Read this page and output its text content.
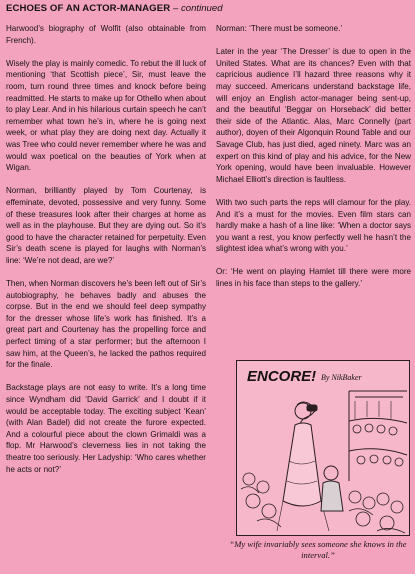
ECHOES OF AN ACTOR-MANAGER – continued

Harwood’s biography of Wolfit (also obtainable from French).

Wisely the play is mainly comedic. To rebut the ill luck of mentioning ‘that Scottish piece’, Sir, must leave the room, turn round three times and knock before being readmitted. He starts to make up for Othello when about to play Lear. And in his hilarious curtain speech he can’t remember what town he’s in, where he is going next week, or what play they are doing next day. Actually it was Tree who could never remember where he was and would wax poetical on the beauties of York when at Wigan.

Norman, brilliantly played by Tom Courtenay, is effeminate, devoted, possessive and very funny. Some of these treasures look after their charges at home as well as in the playhouse. But they are dying out. So it’s good to have the character retained for perpetuity. Even Sir’s death scene is played for laughs with Norman’s line: ‘We’re not dead, are we?’

Then, when Norman discovers he’s been left out of Sir’s autobiography, he behaves badly and abuses the corpse. But in the end we should feel deep sympathy for the dresser whose life’s work has finished. It’s a great part and Courtenay has the propelling force and perfect timing of a star performer; but the afternoon I saw him, at the Queen’s, he lacked the pathos required for the finale.

Backstage plays are not easy to write. It’s a long time since Wyndham did ‘David Garrick’ and I doubt if it would be acceptable today. The exciting subject ‘Kean’ (with Alan Badel) did not create the furore expected. And a colourful piece about the clown Grimaldi was a flop. Mr Harwood’s cleverness lies in not taking the theatre too seriously. Her Ladyship: ‘Who cares whether he acts or not?’

Norman: ‘There must be someone.’

Later in the year ‘The Dresser’ is due to open in the United States. What are its chances? Even with that capricious audience I’ll hazard three reasons why it may succeed. Americans understand backstage life, will enjoy an English actor-manager being sent-up, and the beautiful ‘Beggar on Horseback’ did better their side of the Atlantic. Alas, Marc Connelly (part author), doyen of their Algonquin Round Table and our Savage Club, has just died, aged ninety. Marc was an expert on this kind of play and his advice, for the New York opening, would have been invaluable. However Michael Elliott’s direction is faultless.

With two such parts the reps will clamour for the play. And it’s a must for the movies. Even film stars can hardly make a hash of a line like: ‘When a doctor says you want a rest, you know perfectly well he hasn’t the slightest idea what’s wrong with you.’

Or: ‘He went on playing Hamlet till there were more lines in his face than steps to the gallery.’

ENCORE! By NikBaker
“My wife invariably sees someone she knows in the interval.”
